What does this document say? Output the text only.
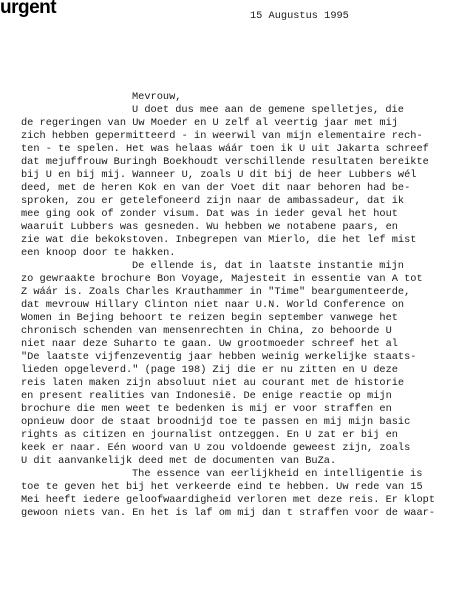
urgent	15 Augustus 1995
Mevrouw,
U doet dus mee aan de gemene spelletjes, die
de regeringen van Uw Moeder en U zelf al veertig jaar met mij
zich hebben gepermitteerd - in weerwil van mijn elementaire rech-
ten - te spelen. Het was helaas wáár toen ik U uit Jakarta schreef
dat mejuffrouw Buringh Boekhoudt verschillende resultaten bereikte
bij U en bij mij. Wanneer U, zoals U dit bij de heer Lubbers wél
deed, met de heren Kok en van der Voet dit naar behoren had be-
sproken, zou er getelefoneerd zijn naar de ambassadeur, dat ik
mee ging ook of zonder visum. Dat was in ieder geval het hout
waaruit Lubbers was gesneden. Wu hebben we notabene paars, en
zie wat die bekokstoven. Inbegrepen van Mierlo, die het lef mist
een knoop door te hakken.
De ellende is, dat in laatste instantie mijn
zo gewraakte brochure Bon Voyage, Majesteit in essentie van A tot
Z wáár is. Zoals Charles Krauthammer in "Time" beargumenteerde,
dat mevrouw Hillary Clinton niet naar U.N. World Conference on
Women in Bejing behoort te reizen begin september vanwege het
chronisch schenden van mensenrechten in China, zo behoorde U
niet naar deze Suharto te gaan. Uw grootmoeder schreef het al
"De laatste vijfenzeventig jaar hebben weinig werkelijke staats-
lieden opgeleverd." (page 198) Zij die er nu zitten en U deze
reis laten maken zijn absoluut niet au courant met de historie
en present realities van Indonesië. De enige reactie op mijn
brochure die men weet te bedenken is mij er voor straffen en
opnieuw door de staat broodnijd toe te passen en mij mijn basic
rights as citizen en journalist ontzeggen. En U zat er bij en
keek er naar. Eén woord van U zou voldoende geweest zijn, zoals
U dit aanvankelijk deed met de documenten van BuZa.
The essence van eerlijkheid en intelligentie is
toe te geven het bij het verkeerde eind te hebben. Uw rede van 15
Mei heeft iedere geloofwaardigheid verloren met deze reis. Er klopt
gewoon niets van. En het is laf om mij dan t straffen voor de waar-
